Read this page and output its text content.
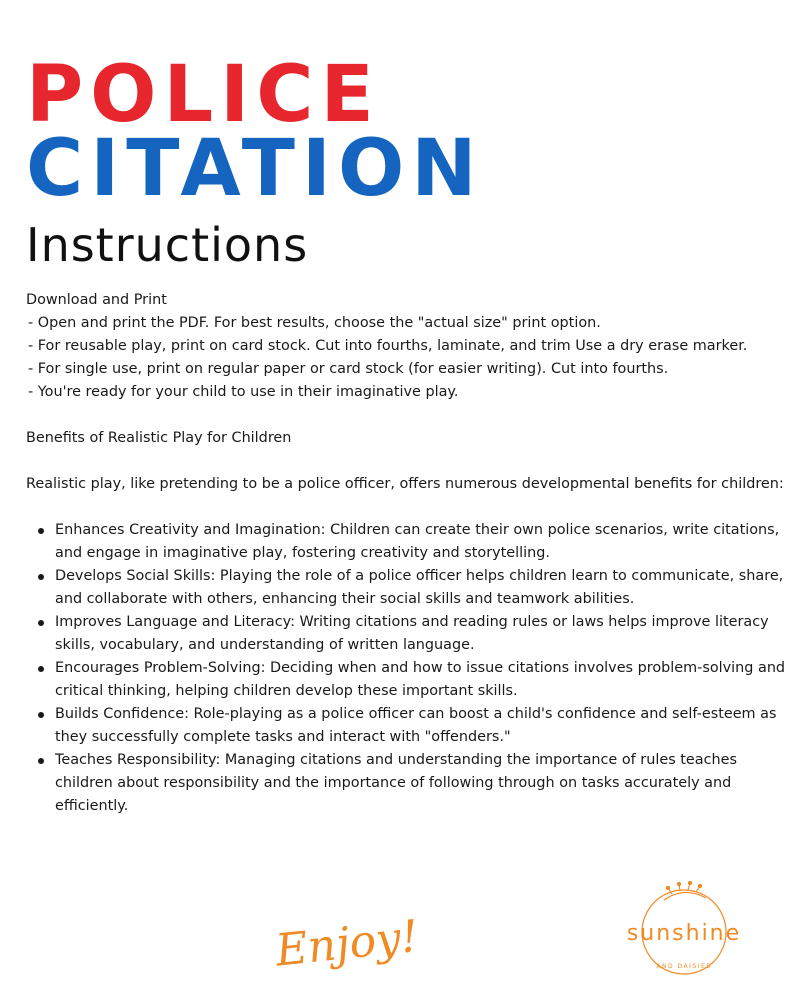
POLICE
CITATION
Instructions
Download and Print
- Open and print the PDF. For best results, choose the "actual size" print option.
- For reusable play, print on card stock. Cut into fourths, laminate, and trim Use a dry erase marker.
- For single use, print on regular paper or card stock (for easier writing). Cut into fourths.
- You're ready for your child to use in their imaginative play.
Benefits of Realistic Play for Children
Realistic play, like pretending to be a police officer, offers numerous developmental benefits for children:
Enhances Creativity and Imagination: Children can create their own police scenarios, write citations, and engage in imaginative play, fostering creativity and storytelling.
Develops Social Skills: Playing the role of a police officer helps children learn to communicate, share, and collaborate with others, enhancing their social skills and teamwork abilities.
Improves Language and Literacy: Writing citations and reading rules or laws helps improve literacy skills, vocabulary, and understanding of written language.
Encourages Problem-Solving: Deciding when and how to issue citations involves problem-solving and critical thinking, helping children develop these important skills.
Builds Confidence: Role-playing as a police officer can boost a child's confidence and self-esteem as they successfully complete tasks and interact with "offenders."
Teaches Responsibility: Managing citations and understanding the importance of rules teaches children about responsibility and the importance of following through on tasks accurately and efficiently.
Enjoy!	sunshine
AND DAISIES
